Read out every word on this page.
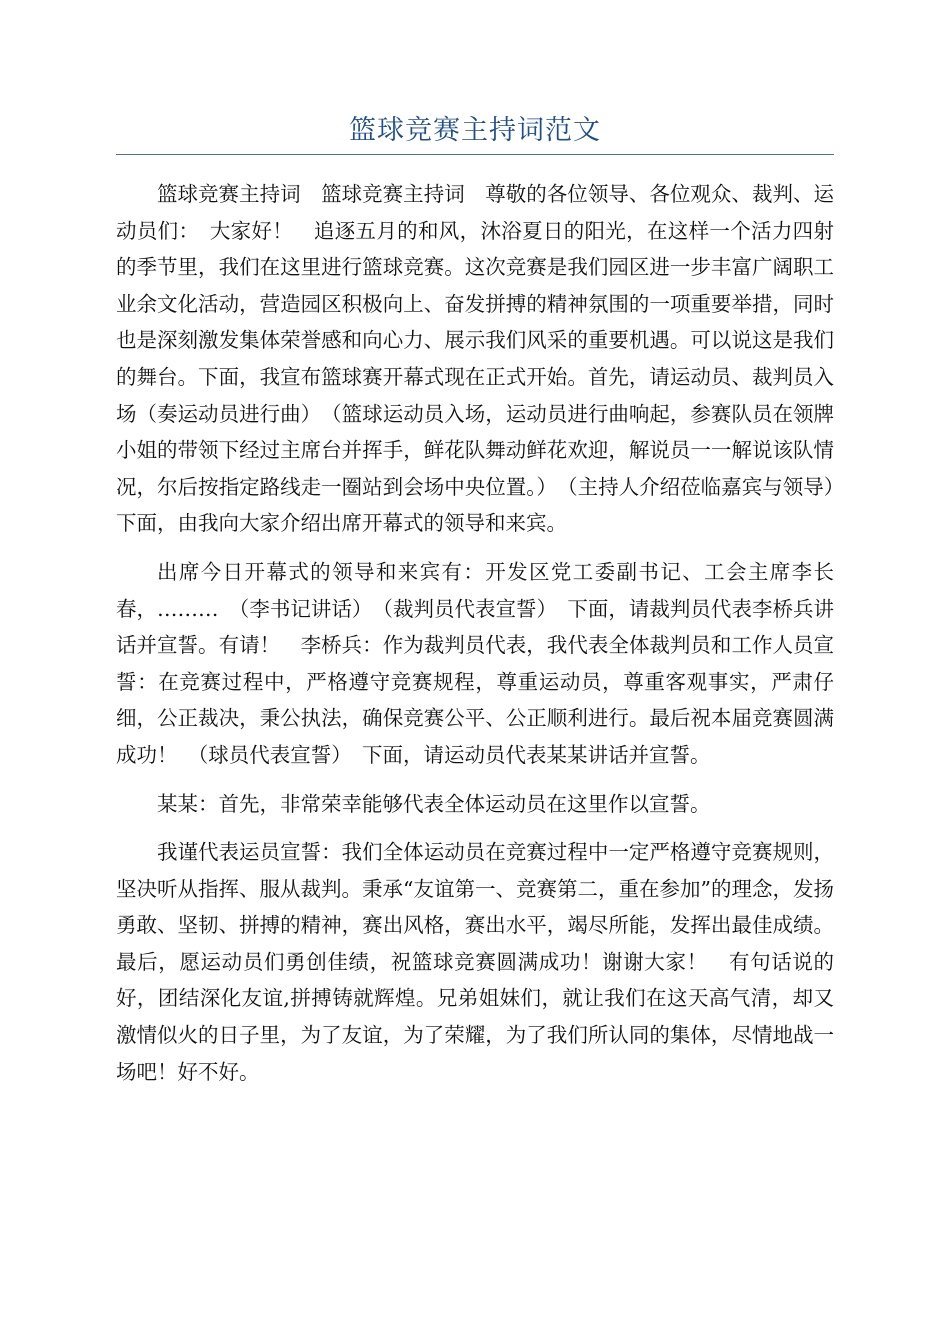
篮球竞赛主持词范文

篮球竞赛主持词　篮球竞赛主持词　尊敬的各位领导、各位观众、裁判、运动员们：　大家好！　追逐五月的和风，沐浴夏日的阳光，在这样一个活力四射的季节里，我们在这里进行篮球竞赛。这次竞赛是我们园区进一步丰富广阔职工业余文化活动，营造园区积极向上、奋发拼搏的精神氛围的一项重要举措，同时也是深刻激发集体荣誉感和向心力、展示我们风采的重要机遇。可以说这是我们的舞台。下面，我宣布篮球赛开幕式现在正式开始。首先，请运动员、裁判员入场（奏运动员进行曲）　（篮球运动员入场，运动员进行曲响起，参赛队员在领牌小姐的带领下经过主席台并挥手，鲜花队舞动鲜花欢迎，解说员一一解说该队情况，尔后按指定路线走一圈站到会场中央位置。）　（主持人介绍莅临嘉宾与领导）　下面，由我向大家介绍出席开幕式的领导和来宾。

出席今日开幕式的领导和来宾有：开发区党工委副书记、工会主席李长春，………　（李书记讲话）　（裁判员代表宣誓）　下面，请裁判员代表李桥兵讲话并宣誓。有请！　李桥兵：作为裁判员代表，我代表全体裁判员和工作人员宣誓：在竞赛过程中，严格遵守竞赛规程，尊重运动员，尊重客观事实，严肃仔细，公正裁决，秉公执法，确保竞赛公平、公正顺利进行。最后祝本届竞赛圆满成功！　（球员代表宣誓）　下面，请运动员代表某某讲话并宣誓。

某某：首先，非常荣幸能够代表全体运动员在这里作以宣誓。

我谨代表运员宣誓：我们全体运动员在竞赛过程中一定严格遵守竞赛规则，坚决听从指挥、服从裁判。秉承“友谊第一、竞赛第二，重在参加”的理念，发扬勇敢、坚韧、拼搏的精神，赛出风格，赛出水平，竭尽所能，发挥出最佳成绩。最后，愿运动员们勇创佳绩，祝篮球竞赛圆满成功！谢谢大家！　有句话说的好，团结深化友谊,拼搏铸就辉煌。兄弟姐妹们，就让我们在这天高气清，却又激情似火的日子里，为了友谊，为了荣耀，为了我们所认同的集体，尽情地战一场吧！好不好。
